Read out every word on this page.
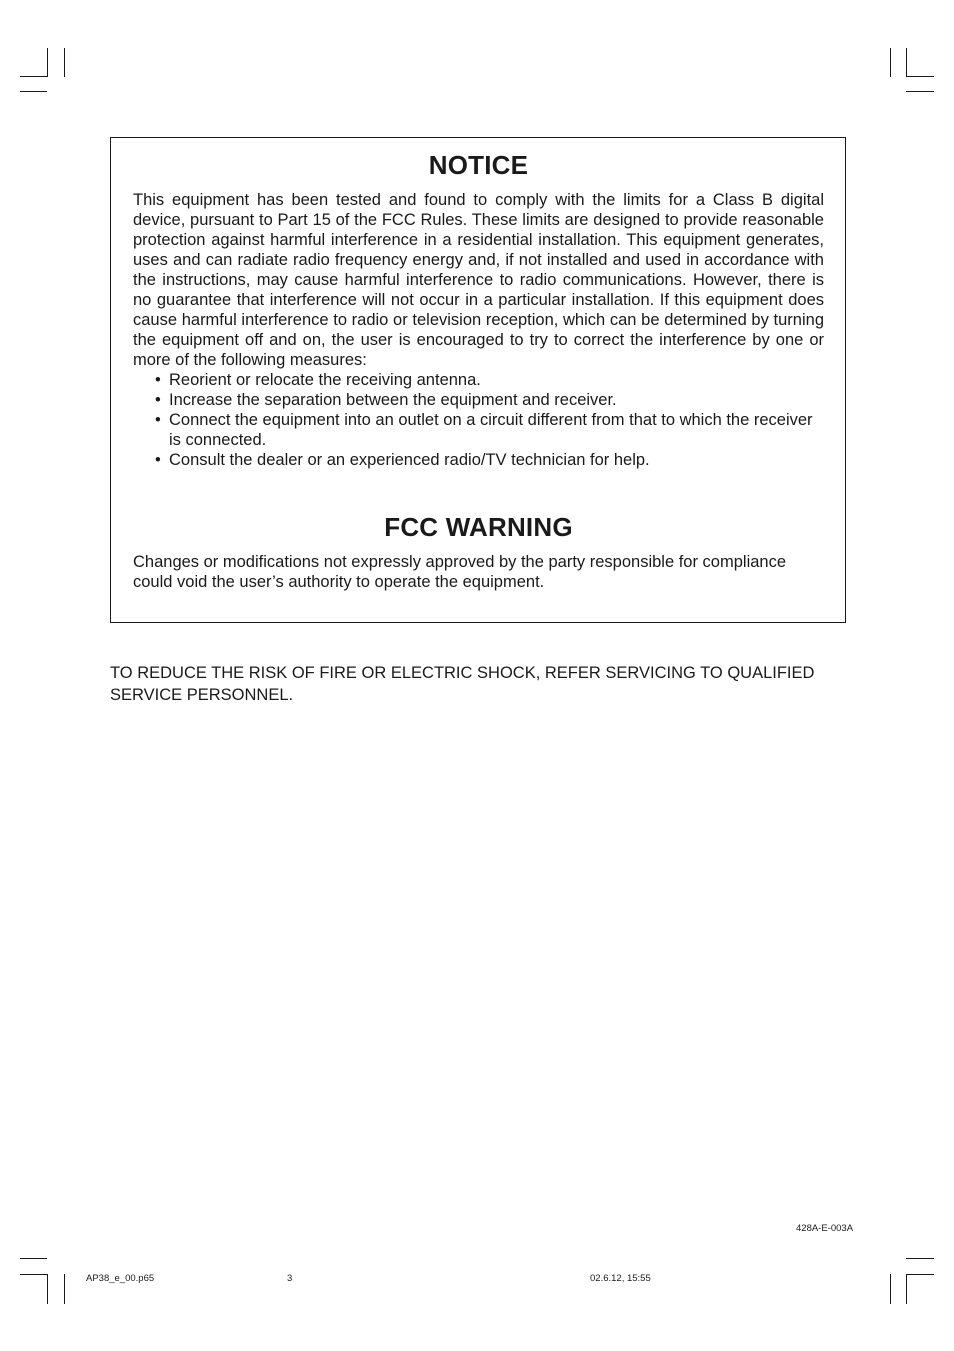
NOTICE

This equipment has been tested and found to comply with the limits for a Class B digital device, pursuant to Part 15 of the FCC Rules. These limits are designed to provide reasonable protection against harmful interference in a residential installation. This equipment generates, uses and can radiate radio frequency energy and, if not installed and used in accordance with the instructions, may cause harmful interference to radio communications. However, there is no guarantee that interference will not occur in a particular installation. If this equipment does cause harmful interference to radio or television reception, which can be determined by turning the equipment off and on, the user is encouraged to try to correct the interference by one or more of the following measures:

• Reorient or relocate the receiving antenna.
• Increase the separation between the equipment and receiver.
• Connect the equipment into an outlet on a circuit different from that to which the receiver is connected.
• Consult the dealer or an experienced radio/TV technician for help.
FCC WARNING

Changes or modifications not expressly approved by the party responsible for compliance could void the user’s authority to operate the equipment.

TO REDUCE THE RISK OF FIRE OR ELECTRIC SHOCK, REFER SERVICING TO QUALIFIED SERVICE PERSONNEL.

428A-E-003A
AP38_e_00.p65	3	02.6.12, 15:55
